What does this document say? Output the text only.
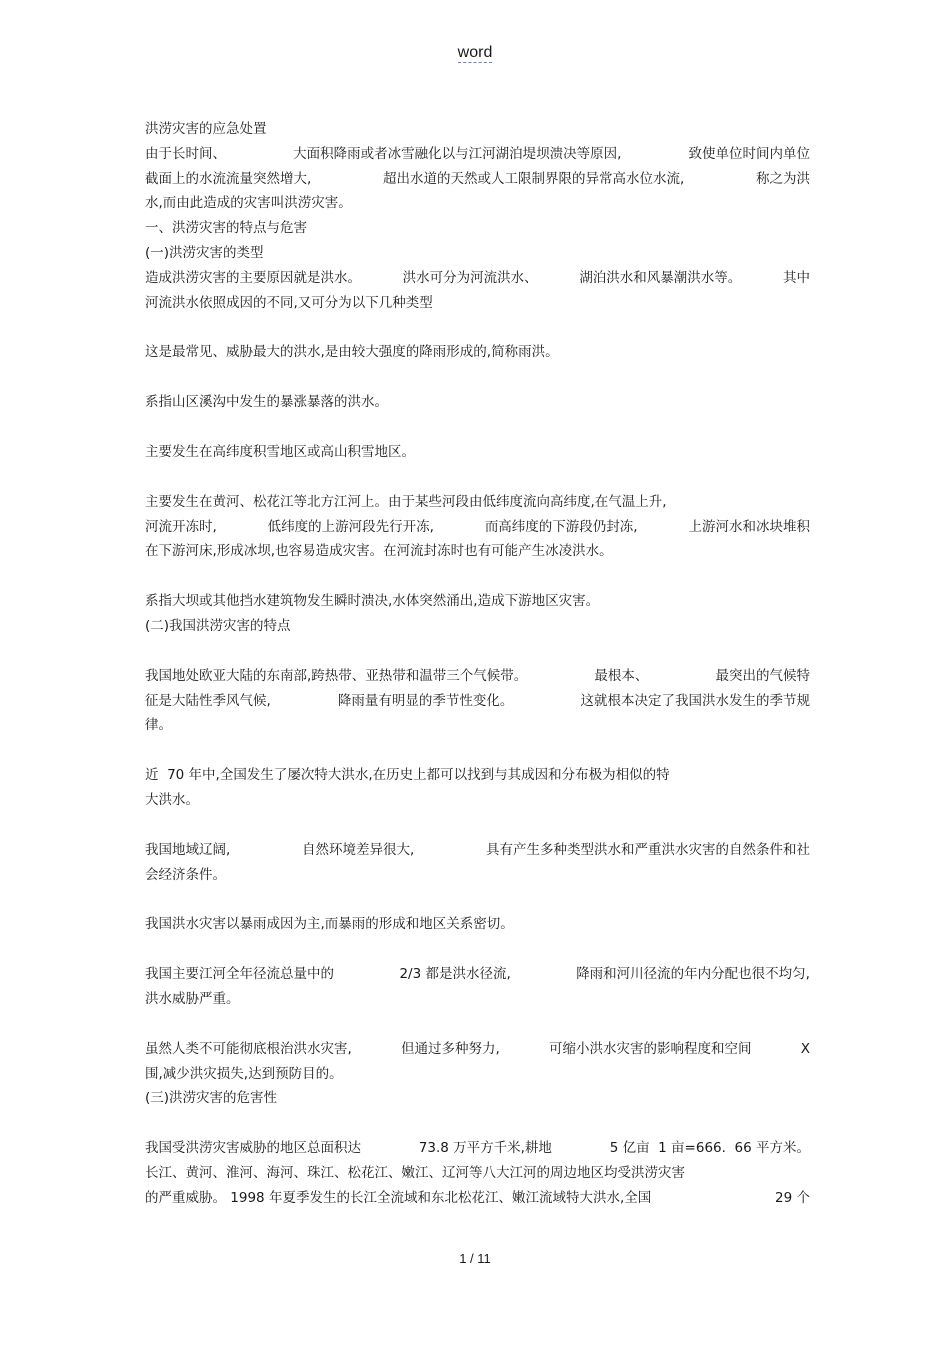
word
洪涝灾害的应急处置
由于长时间、	大面积降雨或者冰雪融化以与江河湖泊堤坝溃决等原因,	致使单位时间内单位
截面上的水流流量突然增大,	超出水道的天然或人工限制界限的异常高水位水流,	称之为洪
水,而由此造成的灾害叫洪涝灾害。
一、洪涝灾害的特点与危害
(一)洪涝灾害的类型
造成洪涝灾害的主要原因就是洪水。	洪水可分为河流洪水、	湖泊洪水和风暴潮洪水等。	其中
河流洪水依照成因的不同,又可分为以下几种类型
这是最常见、威胁最大的洪水,是由较大强度的降雨形成的,简称雨洪。
系指山区溪沟中发生的暴涨暴落的洪水。
主要发生在高纬度积雪地区或高山积雪地区。
主要发生在黄河、松花江等北方江河上。由于某些河段由低纬度流向高纬度,在气温上升,
河流开冻时,	低纬度的上游河段先行开冻,	而高纬度的下游段仍封冻,	上游河水和冰块堆积
在下游河床,形成冰坝,也容易造成灾害。在河流封冻时也有可能产生冰凌洪水。
系指大坝或其他挡水建筑物发生瞬时溃决,水体突然涌出,造成下游地区灾害。
(二)我国洪涝灾害的特点
我国地处欧亚大陆的东南部,跨热带、亚热带和温带三个气候带。	最根本、	最突出的气候特
征是大陆性季风气候,	降雨量有明显的季节性变化。	这就根本决定了我国洪水发生的季节规
律。
近  70 年中,全国发生了屡次特大洪水,在历史上都可以找到与其成因和分布极为相似的特
大洪水。
我国地域辽阔,	自然环境差异很大,	具有产生多种类型洪水和严重洪水灾害的自然条件和社
会经济条件。
我国洪水灾害以暴雨成因为主,而暴雨的形成和地区关系密切。
我国主要江河全年径流总量中的	2/3 都是洪水径流,	降雨和河川径流的年内分配也很不均匀,
洪水威胁严重。
虽然人类不可能彻底根治洪水灾害,	但通过多种努力,	可缩小洪水灾害的影响程度和空间	X
围,减少洪灾损失,达到预防目的。
(三)洪涝灾害的危害性
我国受洪涝灾害威胁的地区总面积达	73.8 万平方千米,耕地	5 亿亩  1 亩=666.  66 平方米。
长江、黄河、淮河、海河、珠江、松花江、嫩江、辽河等八大江河的周边地区均受洪涝灾害
的严重威胁。 1998 年夏季发生的长江全流域和东北松花江、嫩江流域特大洪水,全国	29 个
1 / 11
